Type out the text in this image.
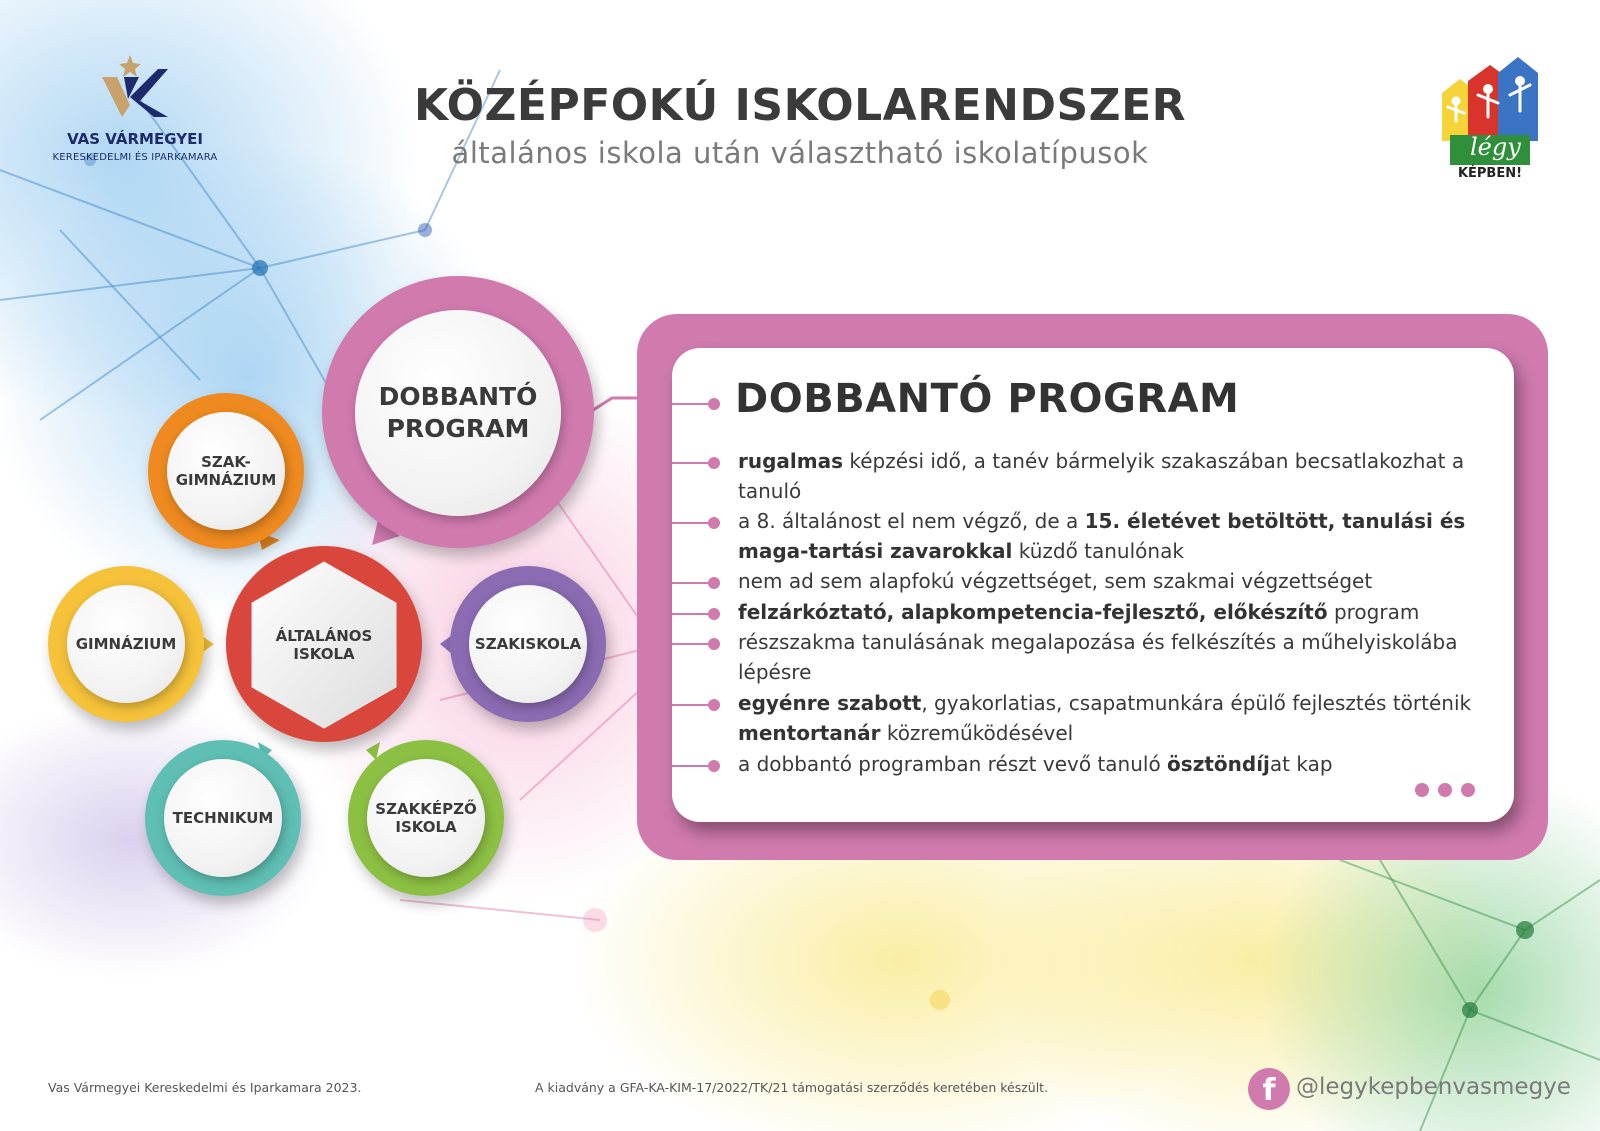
KÖZÉPFOKÚ ISKOLARENDSZER
általános iskola után választható iskolatípusok
VAS VÁRMEGYEI
KERESKEDELMI ÉS IPARKAMARA	légy
KÉPBEN!
DOBBANTÓ
PROGRAM
SZAK-
GIMNÁZIUM
GIMNÁZIUM	ÁLTALÁNOS
ISKOLA
SZAKISKOLA
TECHNIKUM	SZAKKÉPZŐ
ISKOLA
DOBBANTÓ PROGRAM
rugalmas képzési idő, a tanév bármelyik szakaszában becsatlakozhat a tanuló
a 8. általánost el nem végző, de a 15. életévet betöltött, tanulási és maga-tartási zavarokkal küzdő tanulónak
nem ad sem alapfokú végzettséget, sem szakmai végzettséget
felzárkóztató, alapkompetencia-fejlesztő, előkészítő program
részszakma tanulásának megalapozása és felkészítés a műhelyiskolába lépésre
egyénre szabott, gyakorlatias, csapatmunkára épülő fejlesztés történik mentortanár közreműködésével
a dobbantó programban részt vevő tanuló ösztöndíjat kap
Vas Vármegyei Kereskedelmi és Iparkamara 2023.	A kiadvány a GFA-KA-KIM-17/2022/TK/21 támogatási szerződés keretében készült.	f @legykepbenvasmegye
